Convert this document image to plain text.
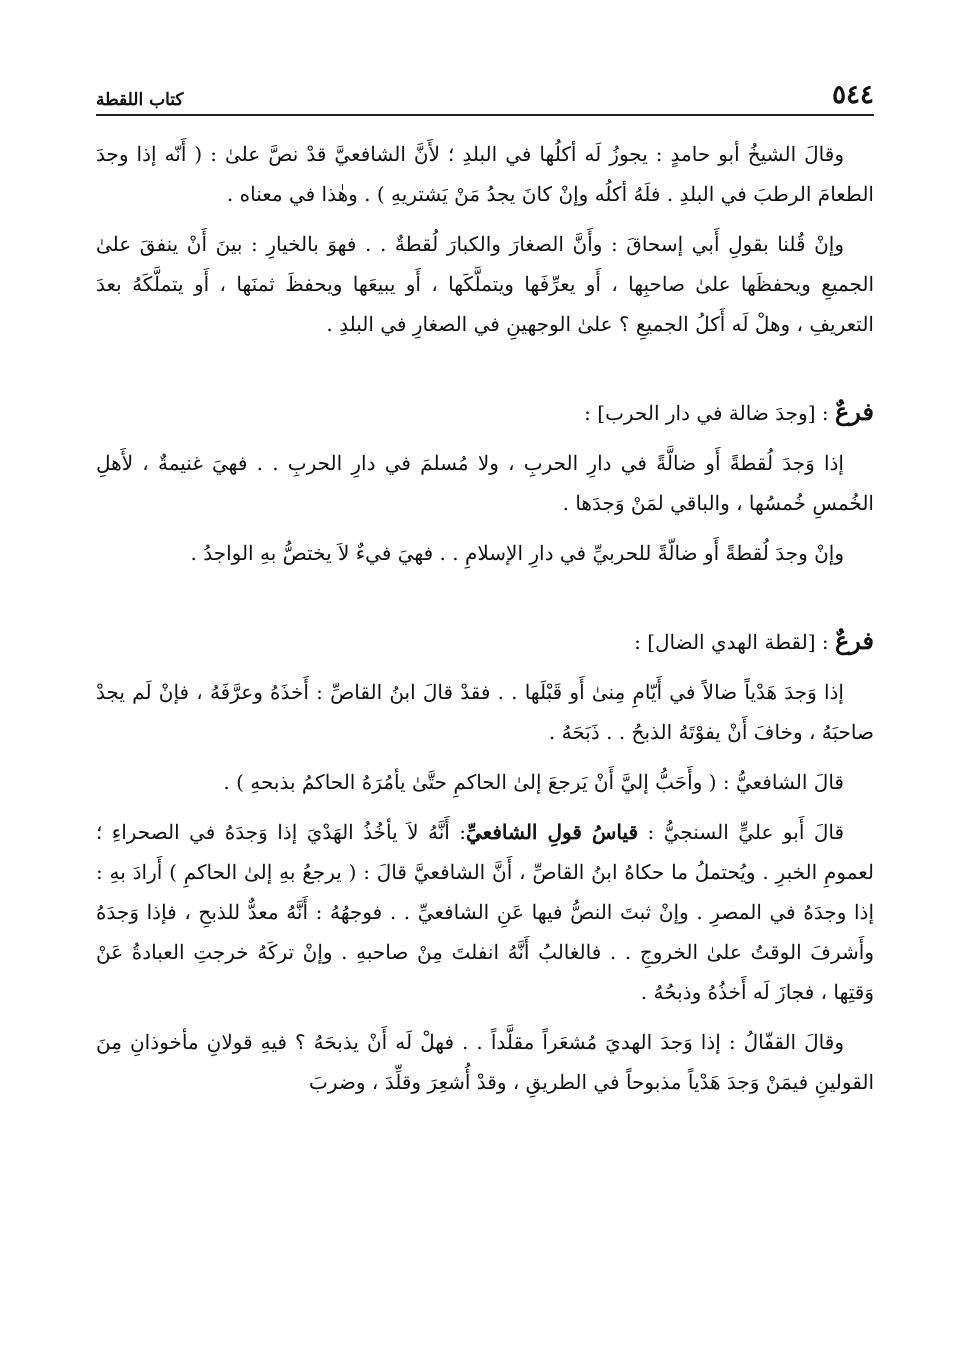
٥٤٤
كتاب اللقطة

وقالَ الشيخُ أبو حامدٍ : يجوزُ لَه أكلُها في البلدِ ؛ لأَنَّ الشافعيَّ قدْ نصَّ علىٰ : ( أَنّه إذا وجدَ الطعامَ الرطبَ في البلدِ . فلَهُ أكلُه وإنْ كانَ يجدُ مَنْ يَشتريهِ ) . وهٰذا في معناه .

وإنْ قُلنا بقولِ أَبي إسحاقَ : وأَنَّ الصغارَ والكبارَ لُقطةٌ . . فهوَ بالخيارِ : بينَ أَنْ ينفقَ علىٰ الجميعِ ويحفظَها علىٰ صاحبِها ، أَو يعرِّفَها ويتملَّكَها ، أَو يبيعَها ويحفظَ ثمنَها ، أَو يتملَّكَهُ بعدَ التعريفِ ، وهلْ لَه أَكلُ الجميعِ ؟ علىٰ الوجهينِ في الصغارِ في البلدِ .

فرعٌ : [وجدَ ضالة في دار الحرب] :

إذا وَجدَ لُقطةً أَو ضالَّةً في دارِ الحربِ ، ولا مُسلمَ في دارِ الحربِ . . فهيَ غنيمةٌ ، لأَهلِ الخُمسِ خُمسُها ، والباقي لمَنْ وَجدَها .

وإنْ وجدَ لُقطةً أَو ضالّةً للحربيِّ في دارِ الإسلامِ . . فهيَ فيءٌ لاَ يختصُّ بهِ الواجدُ .

فرعٌ : [لقطة الهدي الضال] :

إذا وَجدَ هَدْياً ضالاً في أَيّامِ مِنىٰ أَو قَبْلَها . . فقدْ قالَ ابنُ القاصِّ : أَخذَهُ وعرَّفَهُ ، فإنْ لَم يجدْ صاحبَهُ ، وخافَ أَنْ يفوْتَهُ الذبحُ . . ذَبَحَهُ .

قالَ الشافعيُّ : ( وأَحَبُّ إليَّ أَنْ يَرجعَ إلىٰ الحاكمِ حتَّىٰ يأمُرَهُ الحاكمُ بذبحهِ ) .

قالَ أَبو عليٍّ السنجيُّ : قياسُ قولِ الشافعيِّ: أَنَّهُ لاَ يأخُذُ الهَدْيَ إذا وَجدَهُ في الصحراءِ ؛ لعمومِ الخبرِ . ويُحتملُ ما حكاهُ ابنُ القاصِّ ، أَنَّ الشافعيَّ قالَ : ( يرجعُ بهِ إلىٰ الحاكمِ ) أَرادَ بهِ : إذا وجدَهُ في المصرِ . وإنْ ثبتَ النصُّ فيها عَنِ الشافعيِّ . . فوجهُهُ : أَنَّهُ معدٌّ للذبحِ ، فإذا وَجدَهُ وأَشرفَ الوقتُ علىٰ الخروجِ . . فالغالبُ أَنَّهُ انفلتَ مِنْ صاحبهِ . وإنْ تركَهُ خرجتِ العبادةُ عَنْ وَقتِها ، فجازَ لَه أَخذُهُ وذبحُهُ .

وقالَ القفّالُ : إذا وَجدَ الهديَ مُشعَراً مقلَّداً . . فهلْ لَه أَنْ يذبحَهُ ؟ فيهِ قولانِ مأخوذانِ مِنَ القولينِ فيمَنْ وَجدَ هَدْياً مذبوحاً في الطريقِ ، وقدْ أُشعِرَ وقلِّدَ ، وضربَ
